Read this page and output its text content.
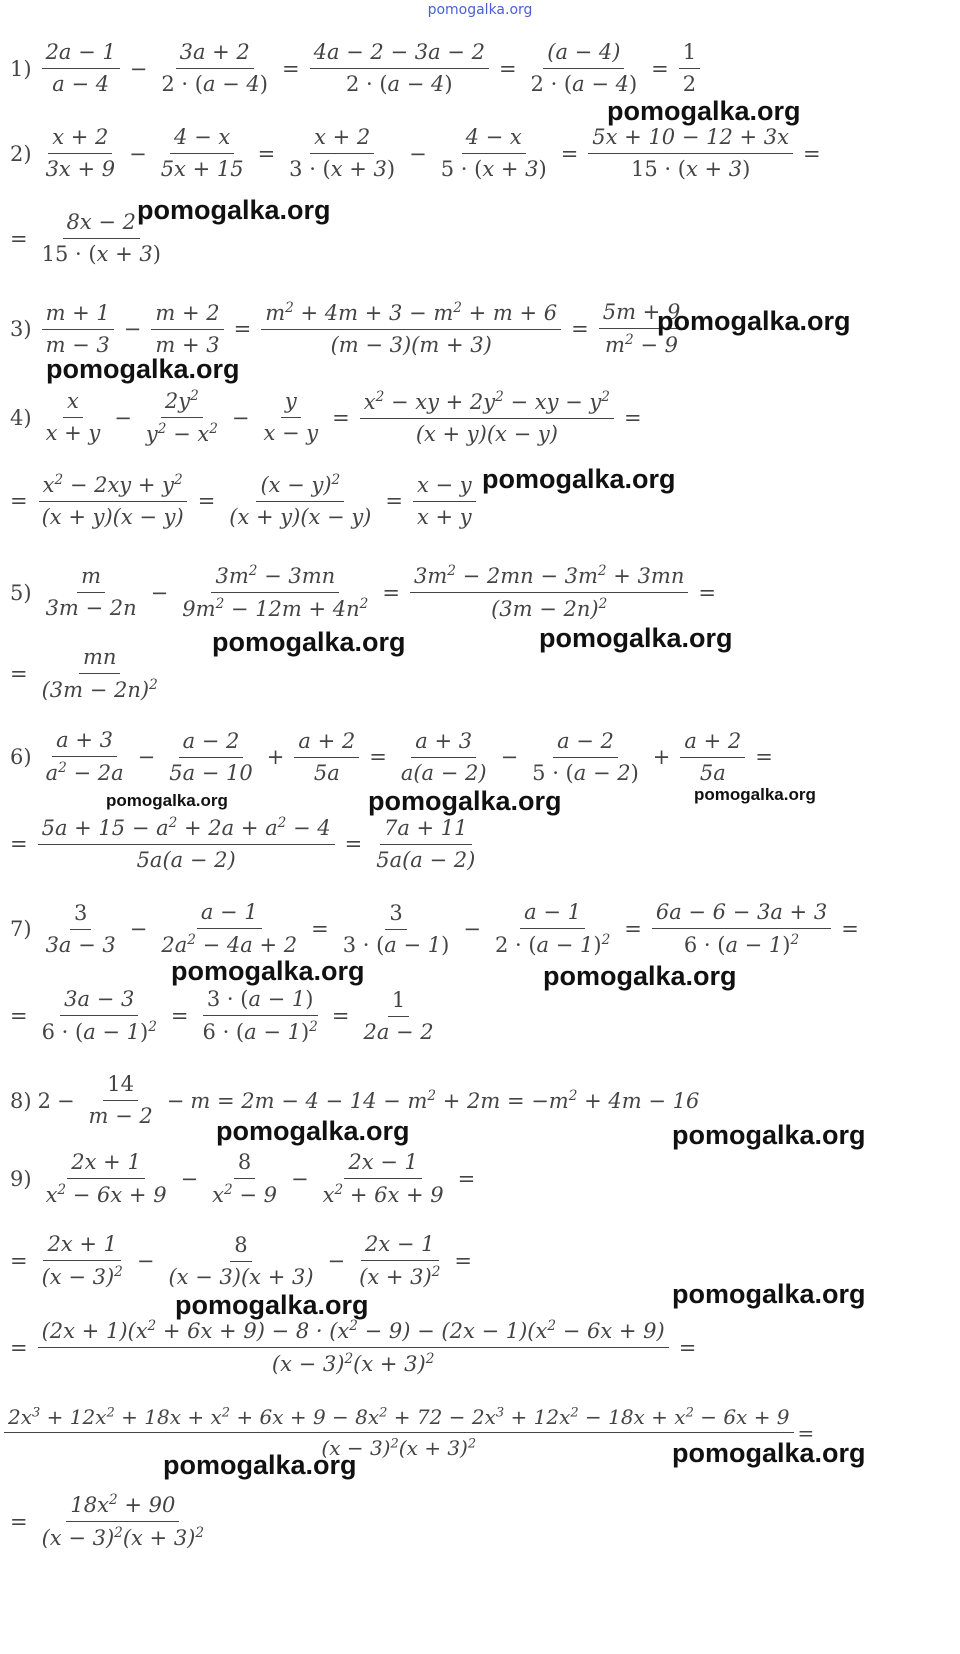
pomogalka.org
$1) \frac{2a - 1}{a - 4} - \frac{3a + 2}{2 \cdot (a - 4)} = \frac{4a - 2 - 3a - 2}{2 \cdot (a - 4)} = \frac{(a - 4)}{2 \cdot (a - 4)} = \frac{1}{2}$
$2) \frac{x + 2}{3x + 9} - \frac{4 - x}{5x + 15} = \frac{x + 2}{3 \cdot (x + 3)} - \frac{4 - x}{5 \cdot (x + 3)} = \frac{5x + 10 - 12 + 3x}{15 \cdot (x + 3)}$ =
= $\frac{8x - 2}{15 \cdot (x + 3)}$
$3) \frac{m + 1}{m - 3} - \frac{m + 2}{m + 3} = \frac{m^2 + 4m + 3 - m^2 + m + 6}{(m - 3)(m + 3)} = \frac{5m + 9}{m^2 - 9}$
$4) \frac{x}{x + y} - \frac{2y^2}{y^2 - x^2} - \frac{y}{x - y} = \frac{x^2 - xy + 2y^2 - xy - y^2}{(x + y)(x - y)}$ =
= $\frac{x^2 - 2xy + y^2}{(x + y)(x - y)} = \frac{(x - y)^2}{(x + y)(x - y)} = \frac{x - y}{x + y}$
$5) \frac{m}{3m - 2n} - \frac{3m^2 - 3mn}{9m^2 - 12m + 4n^2} = \frac{3m^2 - 2mn - 3m^2 + 3mn}{(3m - 2n)^2}$ =
= $\frac{mn}{(3m - 2n)^2}$
$6) \frac{a + 3}{a^2 - 2a} - \frac{a - 2}{5a - 10} + \frac{a + 2}{5a} = \frac{a + 3}{a(a - 2)} - \frac{a - 2}{5 \cdot (a - 2)} + \frac{a + 2}{5a}$ =
= $\frac{5a + 15 - a^2 + 2a + a^2 - 4}{5a(a - 2)} = \frac{7a + 11}{5a(a - 2)}$
$7) \frac{3}{3a - 3} - \frac{a - 1}{2a^2 - 4a + 2} = \frac{3}{3 \cdot (a - 1)} - \frac{a - 1}{2 \cdot (a - 1)^2} = \frac{6a - 6 - 3a + 3}{6 \cdot (a - 1)^2}$ =
= $\frac{3a - 3}{6 \cdot (a - 1)^2} = \frac{3 \cdot (a - 1)}{6 \cdot (a - 1)^2} = \frac{1}{2a - 2}$
8) $2 - \frac{14}{m - 2} - m = 2m - 4 - 14 - m^2 + 2m = -m^2 + 4m - 16$
$9) \frac{2x + 1}{x^2 - 6x + 9} - \frac{8}{x^2 - 9} - \frac{2x - 1}{x^2 + 6x + 9}$ =
= $\frac{2x + 1}{(x - 3)^2} - \frac{8}{(x - 3)(x + 3)} - \frac{2x - 1}{(x + 3)^2}$ =
= $\frac{(2x + 1)(x^2 + 6x + 9) - 8 \cdot (x^2 - 9) - (2x - 1)(x^2 - 6x + 9)}{(x - 3)^2(x + 3)^2}$ =
$2x^3 + 12x^2 + 18x + x^2 + 6x + 9 - 8x^2 + 72 - 2x^3 + 12x^2 - 18x + x^2 - 6x + 9$
$(x - 3)^2(x + 3)^2$	=
= $\frac{18x^2 + 90}{(x - 3)^2(x + 3)^2}$
pomogalka.org
pomogalka.org
pomogalka.org
pomogalka.org
pomogalka.org
pomogalka.org	pomogalka.org
pomogalka.org	pomogalka.org	pomogalka.org
pomogalka.org	pomogalka.org
pomogalka.org	pomogalka.org
pomogalka.org	pomogalka.org
pomogalka.org	pomogalka.org
